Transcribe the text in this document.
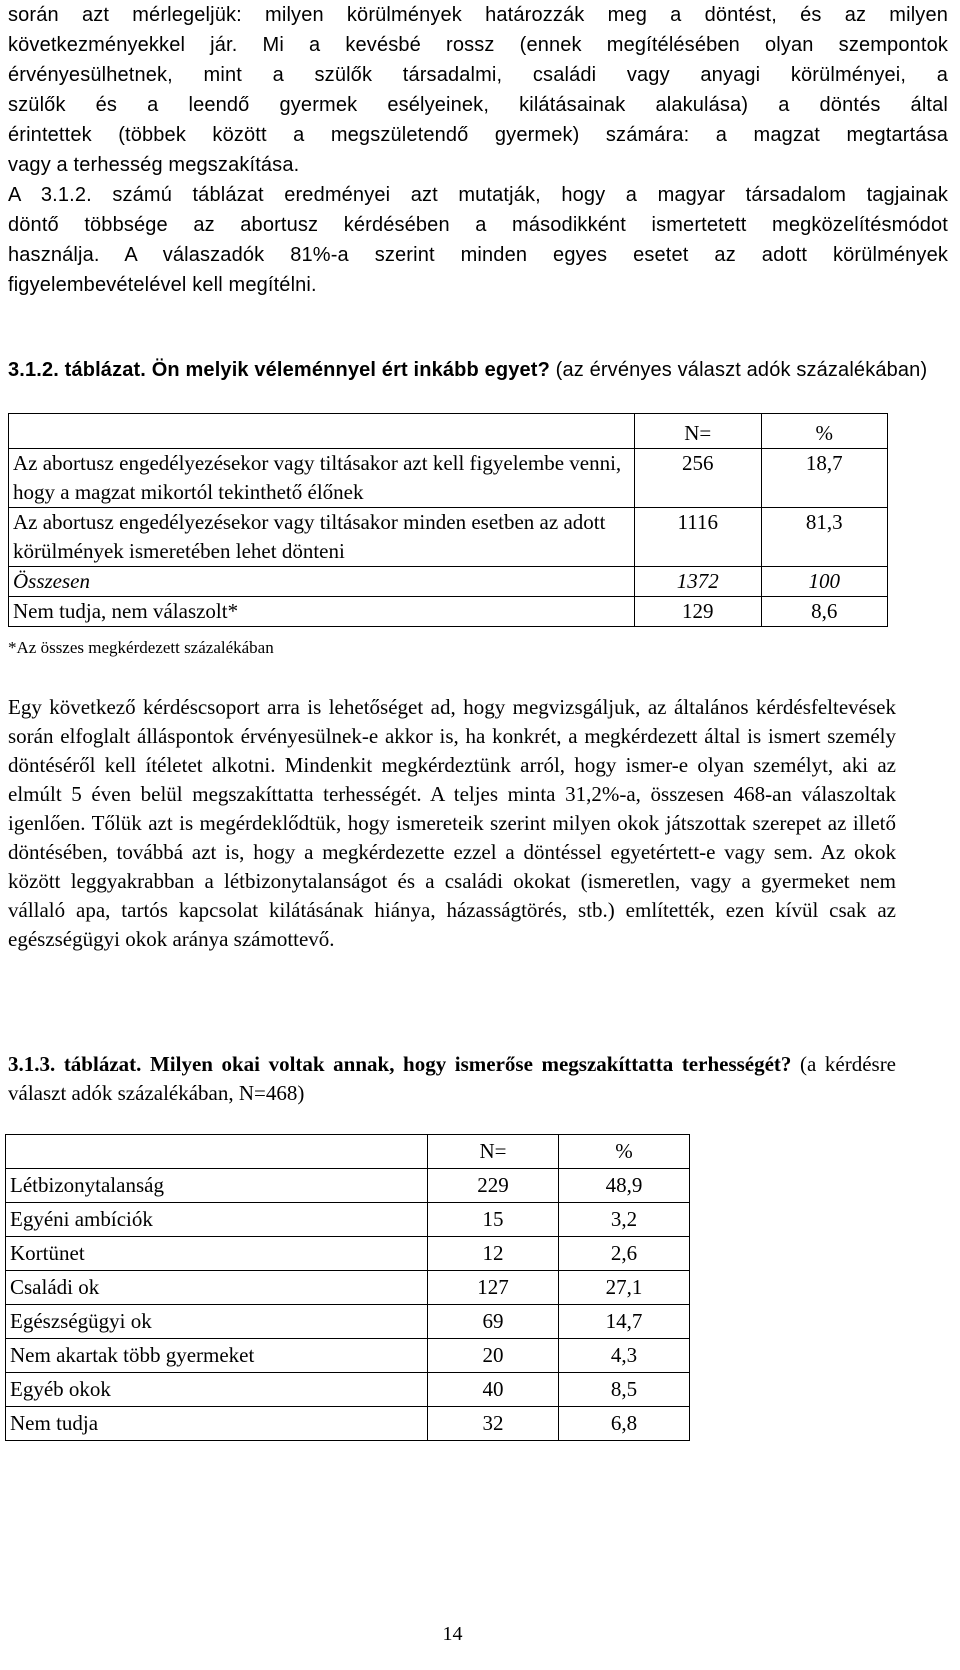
során azt mérlegeljük: milyen körülmények határozzák meg a döntést, és az milyen
következményekkel jár. Mi a kevésbé rossz (ennek megítélésében olyan szempontok
érvényesülhetnek, mint a szülők társadalmi, családi vagy anyagi körülményei, a
szülők és a leendő gyermek esélyeinek, kilátásainak alakulása) a döntés által
érintettek (többek között a megszületendő gyermek) számára: a magzat megtartása
vagy a terhesség megszakítása.
A 3.1.2. számú táblázat eredményei azt mutatják, hogy a magyar társadalom tagjainak
döntő többsége az abortusz kérdésében a másodikként ismertetett megközelítésmódot
használja. A válaszadók 81%-a szerint minden egyes esetet az adott körülmények
figyelembevételével kell megítélni.
3.1.2. táblázat. Ön melyik véleménnyel ért inkább egyet? (az érvényes választ adók százalékában)
	N=	%
Az abortusz engedélyezésekor vagy tiltásakor azt kell figyelembe venni, hogy a magzat mikortól tekinthető élőnek	256	18,7
Az abortusz engedélyezésekor vagy tiltásakor minden esetben az adott körülmények ismeretében lehet dönteni	1116	81,3
Összesen	1372	100
Nem tudja, nem válaszolt*	129	8,6
*Az összes megkérdezett százalékában
Egy következő kérdéscsoport arra is lehetőséget ad, hogy megvizsgáljuk, az általános kérdésfeltevések során elfoglalt álláspontok érvényesülnek-e akkor is, ha konkrét, a megkérdezett által is ismert személy döntéséről kell ítéletet alkotni. Mindenkit megkérdeztünk arról, hogy ismer-e olyan személyt, aki az elmúlt 5 éven belül megszakíttatta terhességét. A teljes minta 31,2%-a, összesen 468-an válaszoltak igenlően. Tőlük azt is megérdeklődtük, hogy ismereteik szerint milyen okok játszottak szerepet az illető döntésében, továbbá azt is, hogy a megkérdezette ezzel a döntéssel egyetértett-e vagy sem. Az okok között leggyakrabban a létbizonytalanságot és a családi okokat (ismeretlen, vagy a gyermeket nem vállaló apa, tartós kapcsolat kilátásának hiánya, házasságtörés, stb.) említették, ezen kívül csak az egészségügyi okok aránya számottevő.
3.1.3. táblázat. Milyen okai voltak annak, hogy ismerőse megszakíttatta terhességét? (a kérdésre választ adók százalékában, N=468)
	N=	%
Létbizonytalanság	229	48,9
Egyéni ambíciók	15	3,2
Kortünet	12	2,6
Családi ok	127	27,1
Egészségügyi ok	69	14,7
Nem akartak több gyermeket	20	4,3
Egyéb okok	40	8,5
Nem tudja	32	6,8
14
